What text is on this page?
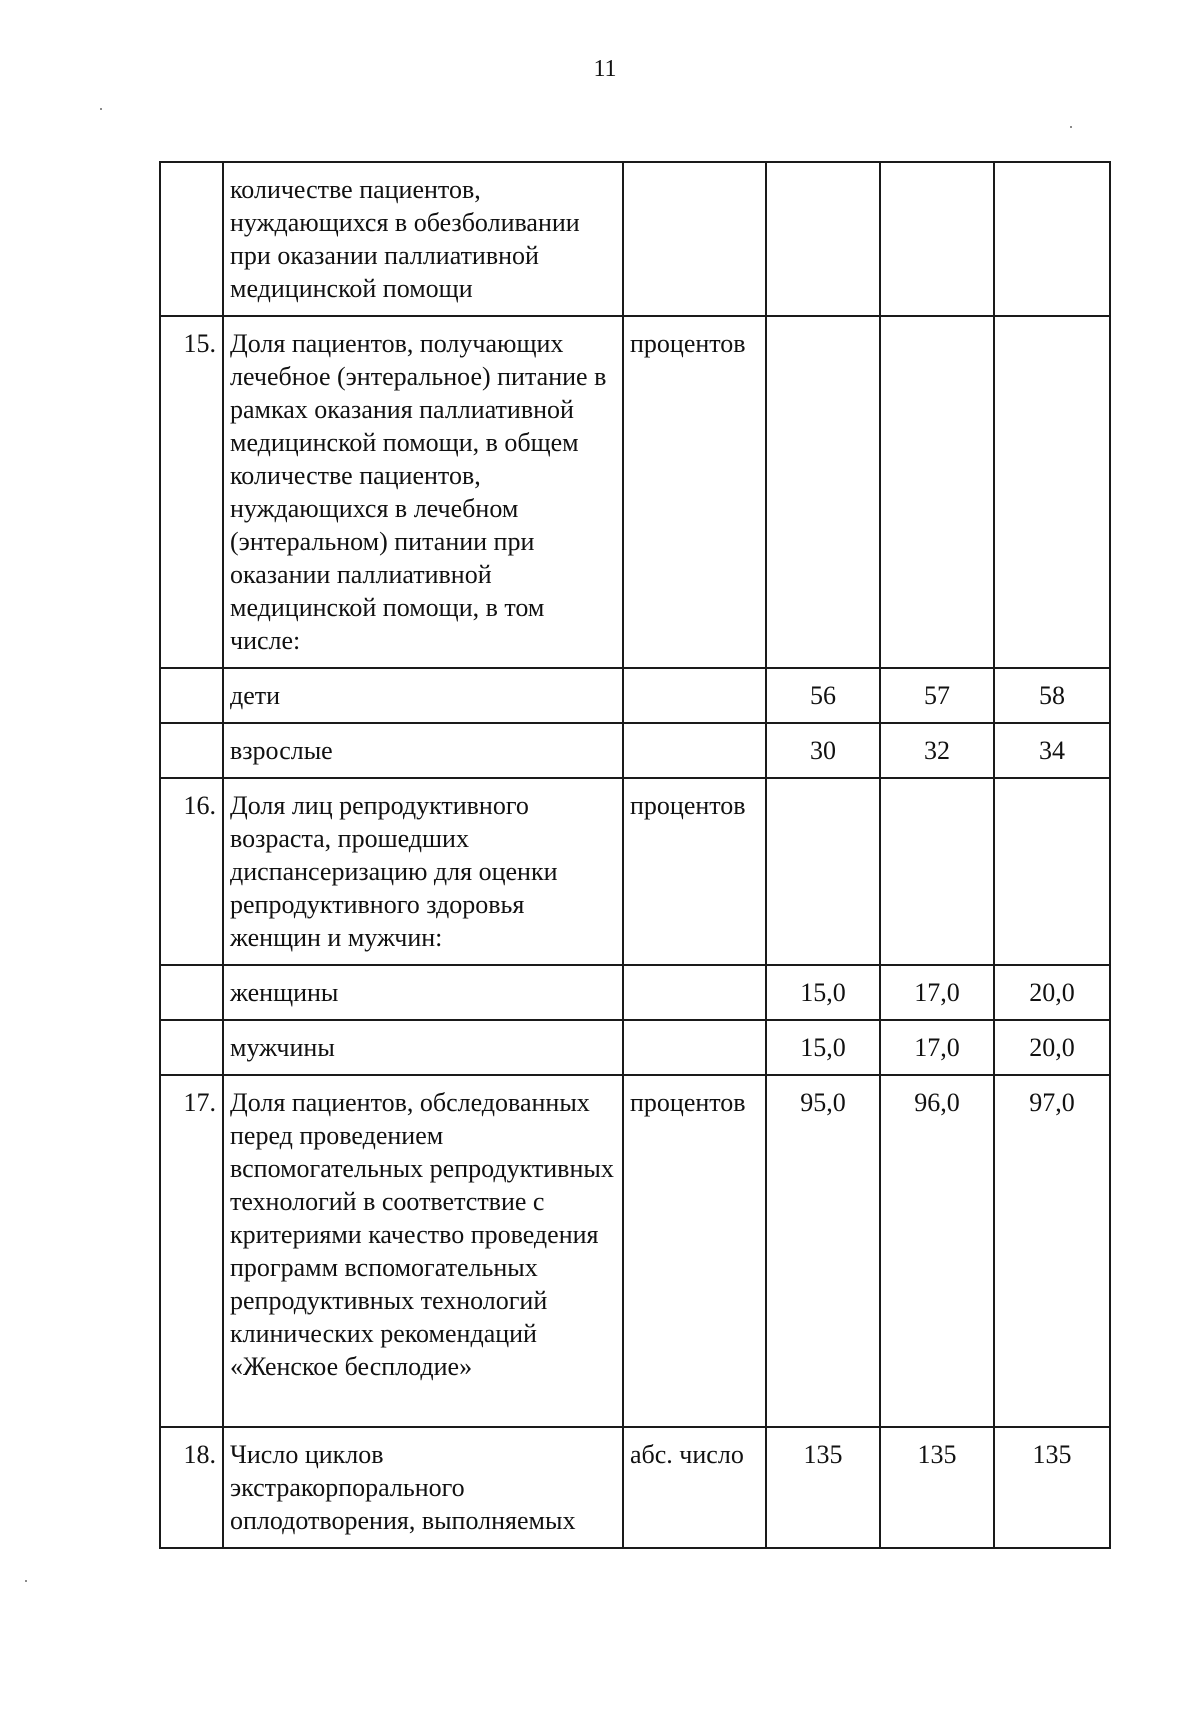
11
	количестве пациентов, нуждающихся в обезболивании при оказании паллиативной медицинской помощи				
15.	Доля пациентов, получающих лечебное (энтеральное) питание в рамках оказания паллиативной медицинской помощи, в общем количестве пациентов, нуждающихся в лечебном (энтеральном) питании при оказании паллиативной медицинской помощи, в том числе:	процентов			
	дети		56	57	58
	взрослые		30	32	34
16.	Доля лиц репродуктивного возраста, прошедших диспансеризацию для оценки репродуктивного здоровья женщин и мужчин:	процентов			
	женщины		15,0	17,0	20,0
	мужчины		15,0	17,0	20,0
17.	Доля пациентов, обследованных перед проведением вспомогательных репродуктивных технологий в соответствие с критериями качество проведения программ вспомогательных репродуктивных технологий клинических рекомендаций «Женское бесплодие»	процентов	95,0	96,0	97,0
18.	Число циклов экстракорпорального оплодотворения, выполняемых	абс. число	135	135	135
